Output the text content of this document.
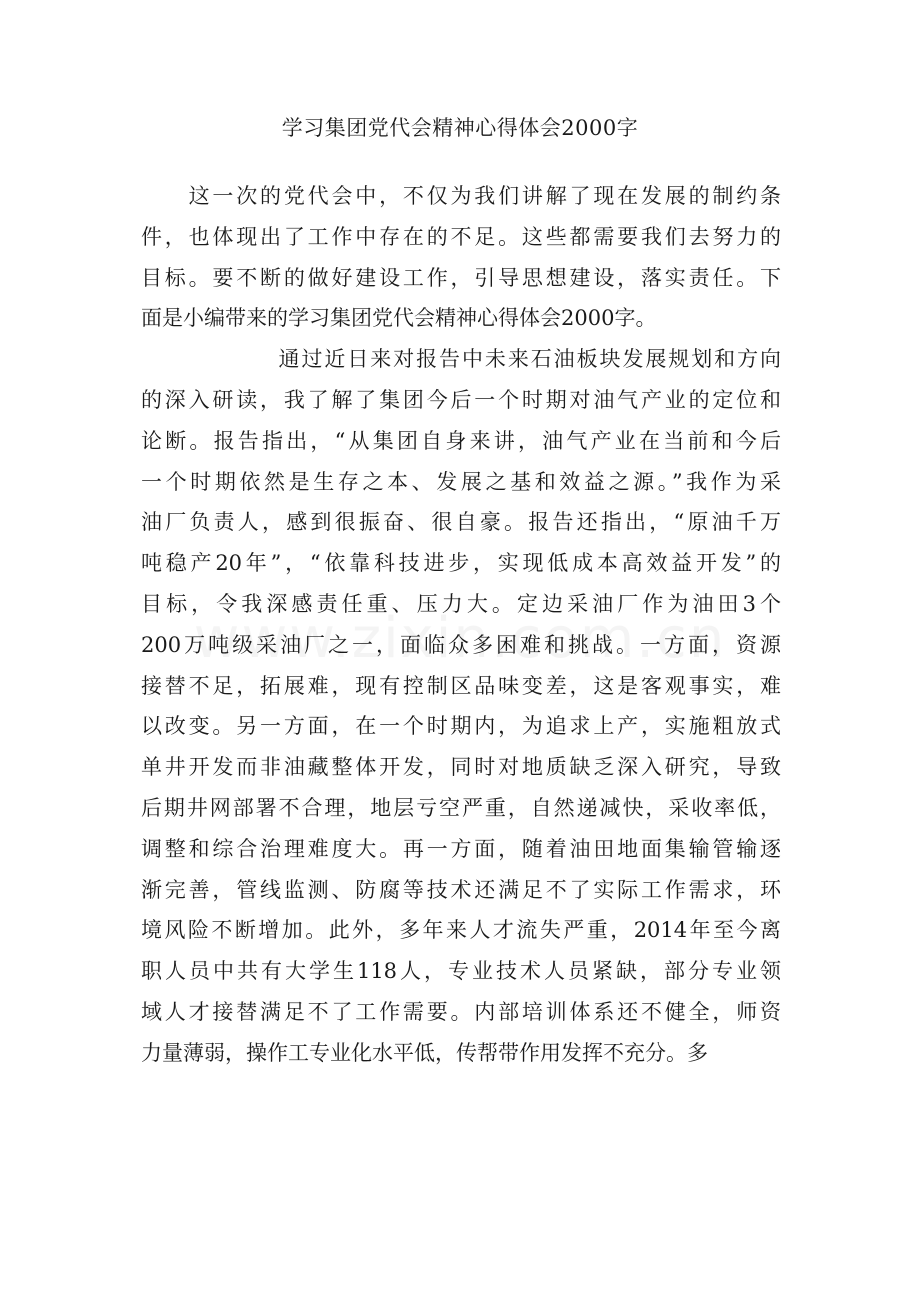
学习集团党代会精神心得体会2000字
　　这一次的党代会中，不仅为我们讲解了现在发展的制约条
件，也体现出了工作中存在的不足。这些都需要我们去努力的
目标。要不断的做好建设工作，引导思想建设，落实责任。下
面是小编带来的学习集团党代会精神心得体会2000字。
　　　　　　通过近日来对报告中未来石油板块发展规划和方向
的深入研读，我了解了集团今后一个时期对油气产业的定位和
论断。报告指出，“从集团自身来讲，油气产业在当前和今后
一个时期依然是生存之本、发展之基和效益之源。”我作为采
油厂负责人，感到很振奋、很自豪。报告还指出，“原油千万
吨稳产20年”，“依靠科技进步，实现低成本高效益开发”的
目标，令我深感责任重、压力大。定边采油厂作为油田3个
200万吨级采油厂之一，面临众多困难和挑战。一方面，资源
接替不足，拓展难，现有控制区品味变差，这是客观事实，难
以改变。另一方面，在一个时期内，为追求上产，实施粗放式
单井开发而非油藏整体开发，同时对地质缺乏深入研究，导致
后期井网部署不合理，地层亏空严重，自然递减快，采收率低，
调整和综合治理难度大。再一方面，随着油田地面集输管输逐
渐完善，管线监测、防腐等技术还满足不了实际工作需求，环
境风险不断增加。此外，多年来人才流失严重，2014年至今离
职人员中共有大学生118人，专业技术人员紧缺，部分专业领
域人才接替满足不了工作需要。内部培训体系还不健全，师资
力量薄弱，操作工专业化水平低，传帮带作用发挥不充分。多
